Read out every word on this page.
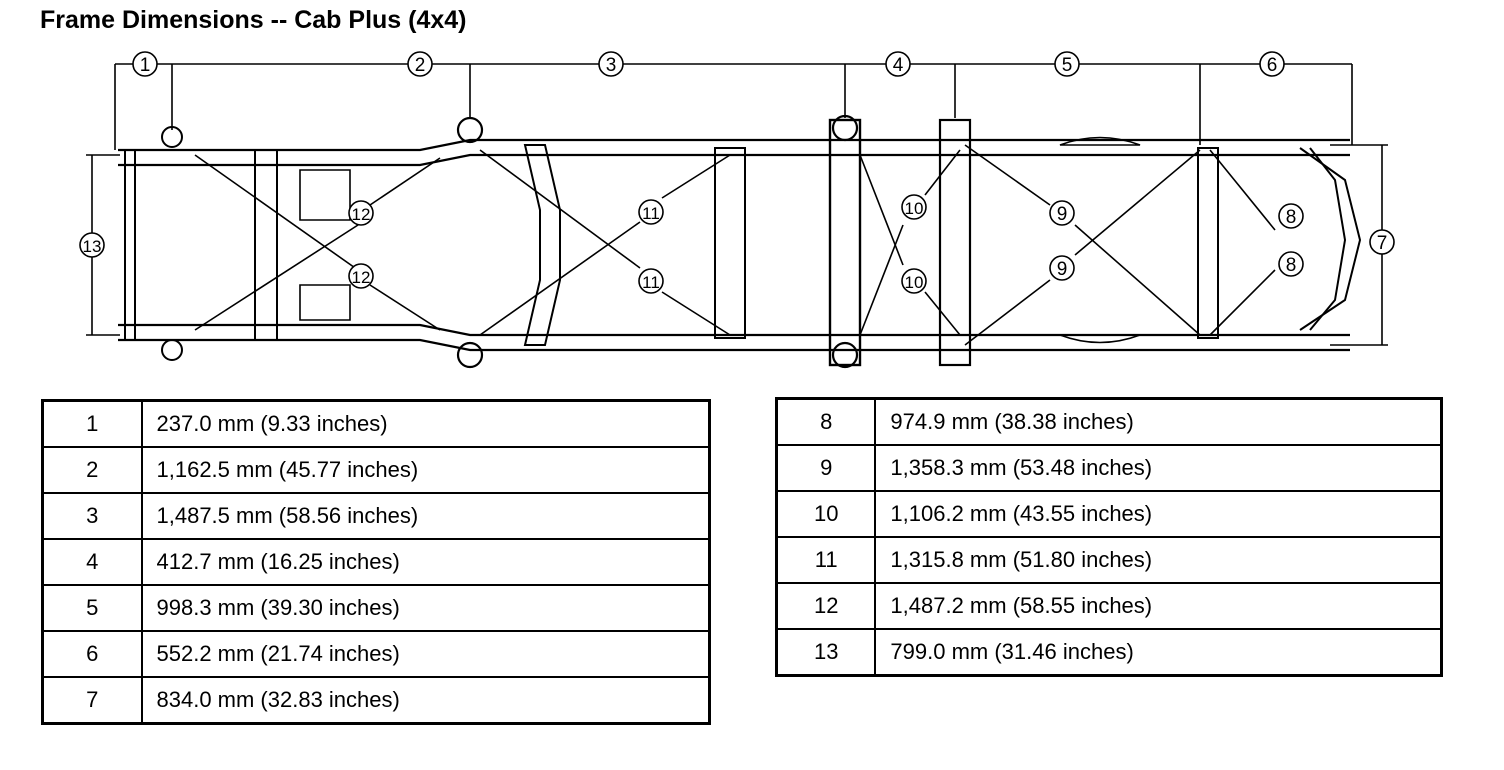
Frame Dimensions -- Cab Plus (4x4)
1	2	3	4	5	6
7
8
8
9
9
10
10
11
11
12
12
13
1	237.0 mm (9.33 inches)
2	1,162.5 mm (45.77 inches)
3	1,487.5 mm (58.56 inches)
4	412.7 mm (16.25 inches)
5	998.3 mm (39.30 inches)
6	552.2 mm (21.74 inches)
7	834.0 mm (32.83 inches)
8	974.9 mm (38.38 inches)
9	1,358.3 mm (53.48 inches)
10	1,106.2 mm (43.55 inches)
11	1,315.8 mm (51.80 inches)
12	1,487.2 mm (58.55 inches)
13	799.0 mm (31.46 inches)
